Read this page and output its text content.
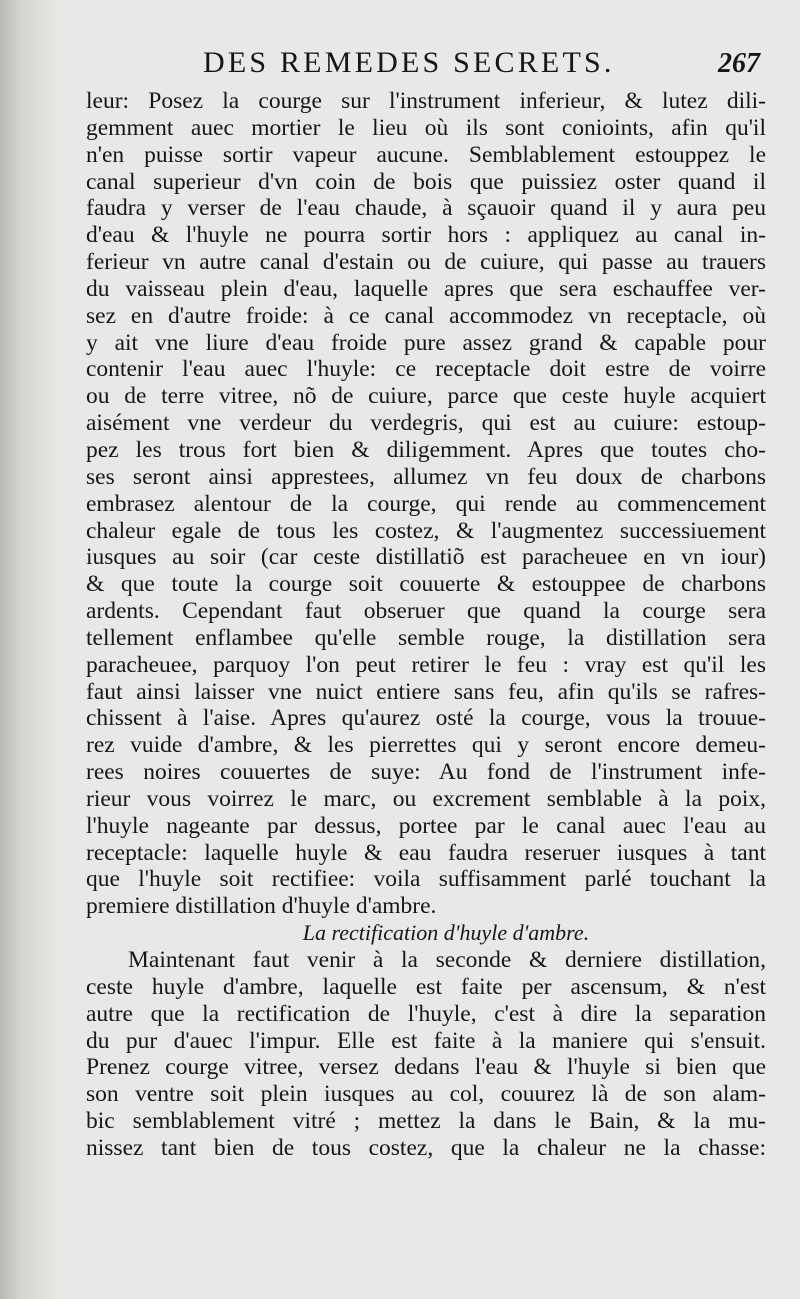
DES REMEDES SECRETS.	267
leur: Posez la courge sur l'instrument inferieur, & lutez dili-
gemment auec mortier le lieu où ils sont conioints, afin qu'il
n'en puisse sortir vapeur aucune. Semblablement estouppez le
canal superieur d'vn coin de bois que puissiez oster quand il
faudra y verser de l'eau chaude, à sçauoir quand il y aura peu
d'eau & l'huyle ne pourra sortir hors : appliquez au canal in-
ferieur vn autre canal d'estain ou de cuiure, qui passe au trauers
du vaisseau plein d'eau, laquelle apres que sera eschauffee ver-
sez en d'autre froide: à ce canal accommodez vn receptacle, où
y ait vne liure d'eau froide pure assez grand & capable pour
contenir l'eau auec l'huyle: ce receptacle doit estre de voirre
ou de terre vitree, nõ de cuiure, parce que ceste huyle acquiert
aisément vne verdeur du verdegris, qui est au cuiure: estoup-
pez les trous fort bien & diligemment. Apres que toutes cho-
ses seront ainsi apprestees, allumez vn feu doux de charbons
embrasez alentour de la courge, qui rende au commencement
chaleur egale de tous les costez, & l'augmentez successiuement
iusques au soir (car ceste distillatiõ est paracheuee en vn iour)
& que toute la courge soit couuerte & estouppee de charbons
ardents. Cependant faut obseruer que quand la courge sera
tellement enflambee qu'elle semble rouge, la distillation sera
paracheuee, parquoy l'on peut retirer le feu : vray est qu'il les
faut ainsi laisser vne nuict entiere sans feu, afin qu'ils se rafres-
chissent à l'aise. Apres qu'aurez osté la courge, vous la trouue-
rez vuide d'ambre, & les pierrettes qui y seront encore demeu-
rees noires couuertes de suye: Au fond de l'instrument infe-
rieur vous voirrez le marc, ou excrement semblable à la poix,
l'huyle nageante par dessus, portee par le canal auec l'eau au
receptacle: laquelle huyle & eau faudra reseruer iusques à tant
que l'huyle soit rectifiee: voila suffisamment parlé touchant la
premiere distillation d'huyle d'ambre.
La rectification d'huyle d'ambre.
Maintenant faut venir à la seconde & derniere distillation,
ceste huyle d'ambre, laquelle est faite per ascensum, & n'est
autre que la rectification de l'huyle, c'est à dire la separation
du pur d'auec l'impur. Elle est faite à la maniere qui s'ensuit.
Prenez courge vitree, versez dedans l'eau & l'huyle si bien que
son ventre soit plein iusques au col, couurez là de son alam-
bic semblablement vitré ; mettez la dans le Bain, & la mu-
nissez tant bien de tous costez, que la chaleur ne la chasse:
